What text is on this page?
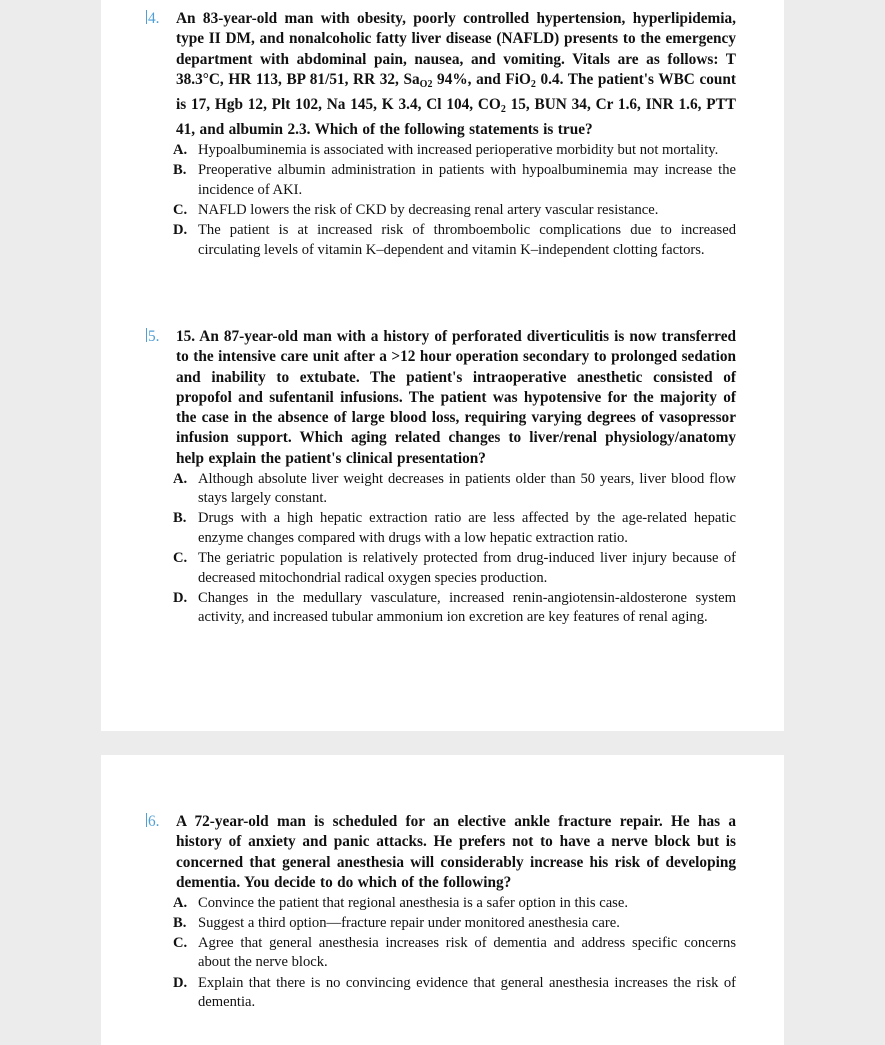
4. An 83-year-old man with obesity, poorly controlled hypertension, hyperlipidemia, type II DM, and nonalcoholic fatty liver disease (NAFLD) presents to the emergency department with abdominal pain, nausea, and vomiting. Vitals are as follows: T 38.3°C, HR 113, BP 81/51, RR 32, $Sa_{O2}$ 94%, and FiO$_2$ 0.4. The patient's WBC count is 17, Hgb 12, Plt 102, Na 145, K 3.4, Cl 104, $CO_2$ 15, BUN 34, Cr 1.6, INR 1.6, PTT 41, and albumin 2.3. Which of the following statements is true?
A. Hypoalbuminemia is associated with increased perioperative morbidity but not mortality.
B. Preoperative albumin administration in patients with hypoalbuminemia may increase the incidence of AKI.
C. NAFLD lowers the risk of CKD by decreasing renal artery vascular resistance.
D. The patient is at increased risk of thromboembolic complications due to increased circulating levels of vitamin K–dependent and vitamin K–independent clotting factors.
5. 15. An 87-year-old man with a history of perforated diverticulitis is now transferred to the intensive care unit after a >12 hour operation secondary to prolonged sedation and inability to extubate. The patient's intraoperative anesthetic consisted of propofol and sufentanil infusions. The patient was hypotensive for the majority of the case in the absence of large blood loss, requiring varying degrees of vasopressor infusion support. Which aging related changes to liver/renal physiology/anatomy help explain the patient's clinical presentation?
A. Although absolute liver weight decreases in patients older than 50 years, liver blood flow stays largely constant.
B. Drugs with a high hepatic extraction ratio are less affected by the age-related hepatic enzyme changes compared with drugs with a low hepatic extraction ratio.
C. The geriatric population is relatively protected from drug-induced liver injury because of decreased mitochondrial radical oxygen species production.
D. Changes in the medullary vasculature, increased renin-angiotensin-aldosterone system activity, and increased tubular ammonium ion excretion are key features of renal aging.
6. A 72-year-old man is scheduled for an elective ankle fracture repair. He has a history of anxiety and panic attacks. He prefers not to have a nerve block but is concerned that general anesthesia will considerably increase his risk of developing dementia. You decide to do which of the following?
A. Convince the patient that regional anesthesia is a safer option in this case.
B. Suggest a third option—fracture repair under monitored anesthesia care.
C. Agree that general anesthesia increases risk of dementia and address specific concerns about the nerve block.
D. Explain that there is no convincing evidence that general anesthesia increases the risk of dementia.
